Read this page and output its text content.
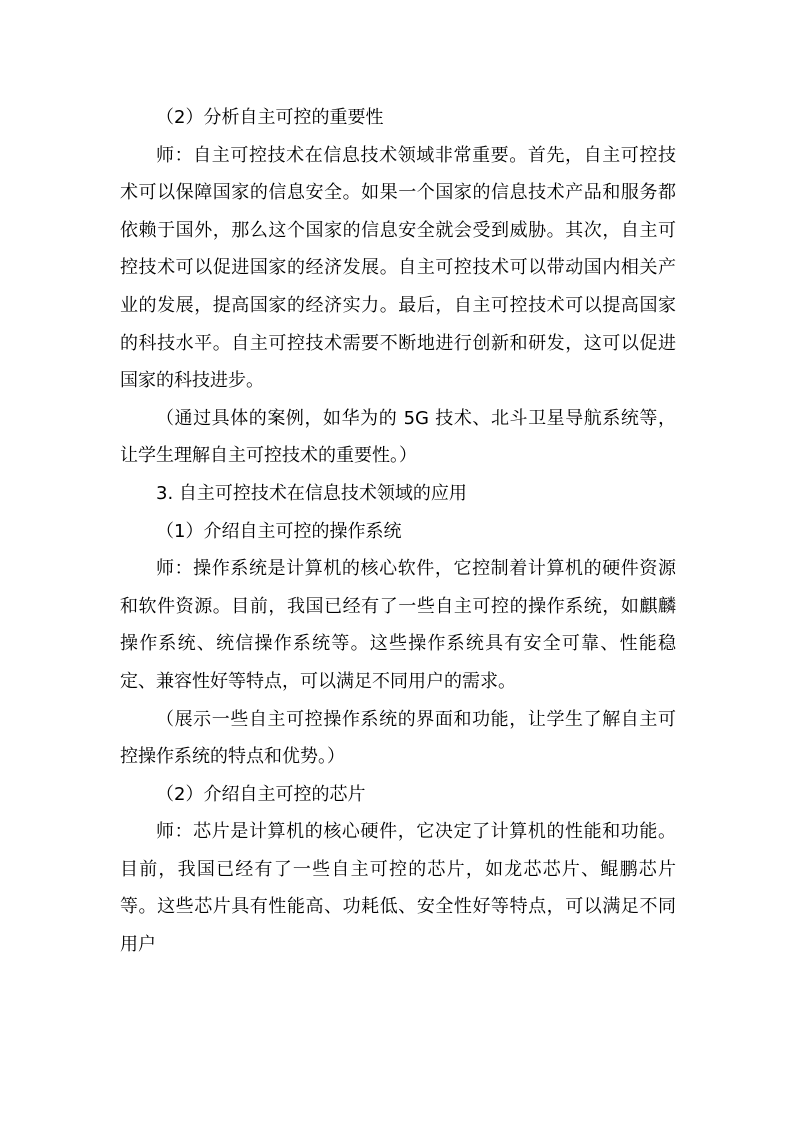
（2）分析自主可控的重要性

师：自主可控技术在信息技术领域非常重要。首先，自主可控技术可以保障国家的信息安全。如果一个国家的信息技术产品和服务都依赖于国外，那么这个国家的信息安全就会受到威胁。其次，自主可控技术可以促进国家的经济发展。自主可控技术可以带动国内相关产业的发展，提高国家的经济实力。最后，自主可控技术可以提高国家的科技水平。自主可控技术需要不断地进行创新和研发，这可以促进国家的科技进步。

（通过具体的案例，如华为的 5G 技术、北斗卫星导航系统等，让学生理解自主可控技术的重要性。）

3. 自主可控技术在信息技术领域的应用

（1）介绍自主可控的操作系统

师：操作系统是计算机的核心软件，它控制着计算机的硬件资源和软件资源。目前，我国已经有了一些自主可控的操作系统，如麒麟操作系统、统信操作系统等。这些操作系统具有安全可靠、性能稳定、兼容性好等特点，可以满足不同用户的需求。

（展示一些自主可控操作系统的界面和功能，让学生了解自主可控操作系统的特点和优势。）

（2）介绍自主可控的芯片

师：芯片是计算机的核心硬件，它决定了计算机的性能和功能。目前，我国已经有了一些自主可控的芯片，如龙芯芯片、鲲鹏芯片等。这些芯片具有性能高、功耗低、安全性好等特点，可以满足不同用户
